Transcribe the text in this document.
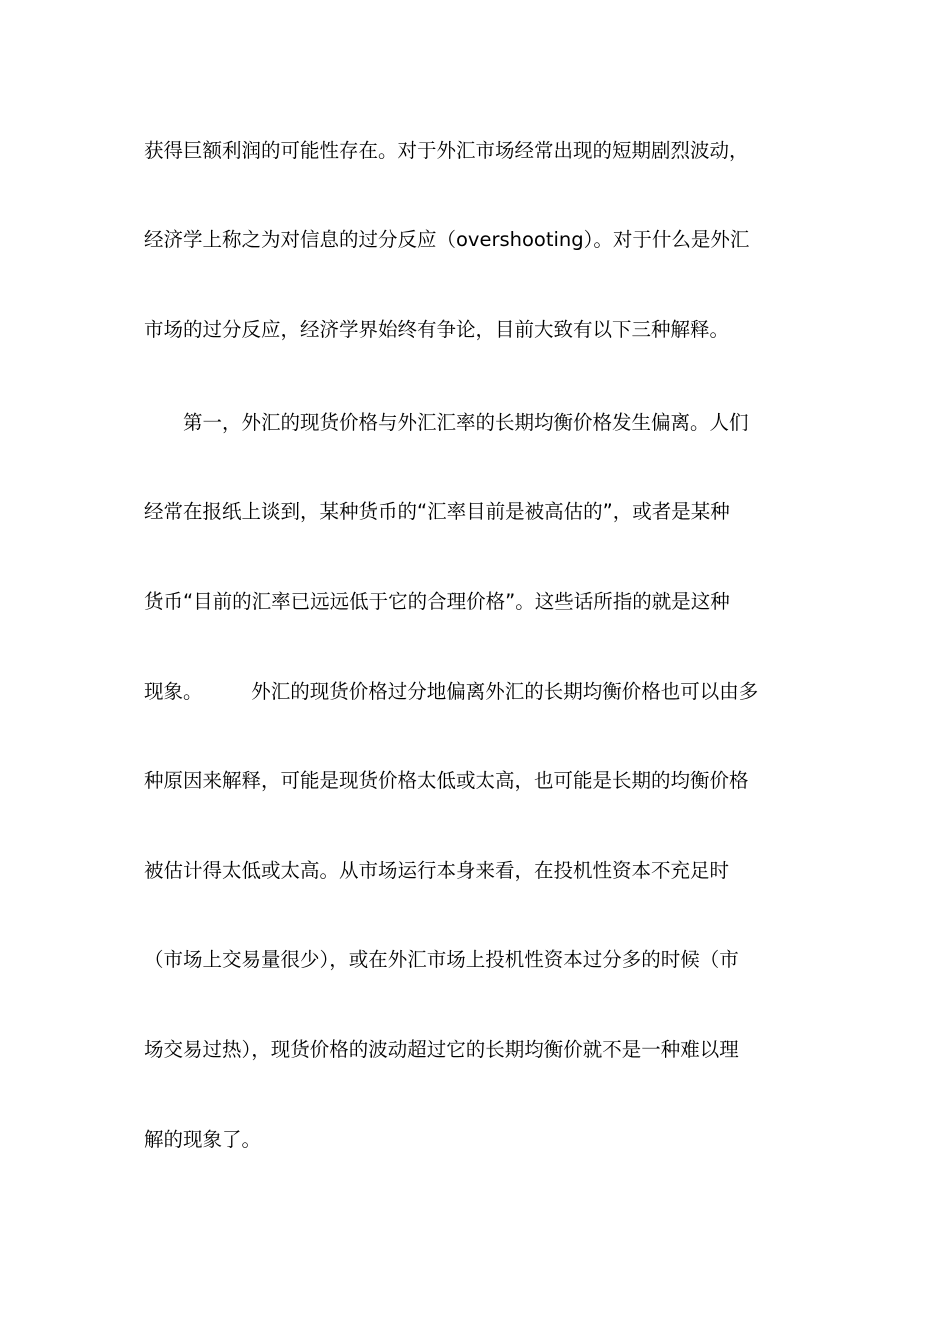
获得巨额利润的可能性存在。对于外汇市场经常出现的短期剧烈波动，
经济学上称之为对信息的过分反应（overshooting）。对于什么是外汇
市场的过分反应，经济学界始终有争论，目前大致有以下三种解释。
　　第一，外汇的现货价格与外汇汇率的长期均衡价格发生偏离。人们
经常在报纸上谈到，某种货币的“汇率目前是被高估的”，或者是某种
货币“目前的汇率已远远低于它的合理价格”。这些话所指的就是这种
现象。　　　外汇的现货价格过分地偏离外汇的长期均衡价格也可以由多
种原因来解释，可能是现货价格太低或太高，也可能是长期的均衡价格
被估计得太低或太高。从市场运行本身来看，在投机性资本不充足时
（市场上交易量很少），或在外汇市场上投机性资本过分多的时候（市
场交易过热），现货价格的波动超过它的长期均衡价就不是一种难以理
解的现象了。
